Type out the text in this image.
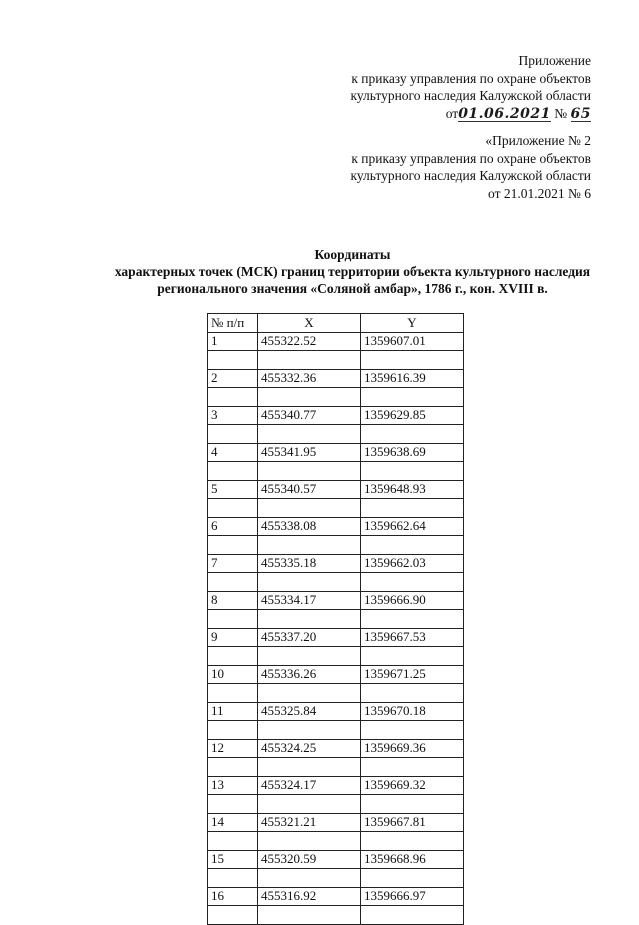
Приложение
к приказу управления по охране объектов
культурного наследия Калужской области
от01.06.2021 № 65
«Приложение № 2
к приказу управления по охране объектов
культурного наследия Калужской области
от 21.01.2021 № 6
Координаты
характерных точек (МСК) границ территории объекта культурного наследия
регионального значения «Соляной амбар», 1786 г., кон. XVIII в.
№ п/п	X	Y
1	455322.52	1359607.01

2	455332.36	1359616.39

3	455340.77	1359629.85

4	455341.95	1359638.69

5	455340.57	1359648.93

6	455338.08	1359662.64

7	455335.18	1359662.03

8	455334.17	1359666.90

9	455337.20	1359667.53

10	455336.26	1359671.25

11	455325.84	1359670.18

12	455324.25	1359669.36

13	455324.17	1359669.32

14	455321.21	1359667.81

15	455320.59	1359668.96

16	455316.92	1359666.97
